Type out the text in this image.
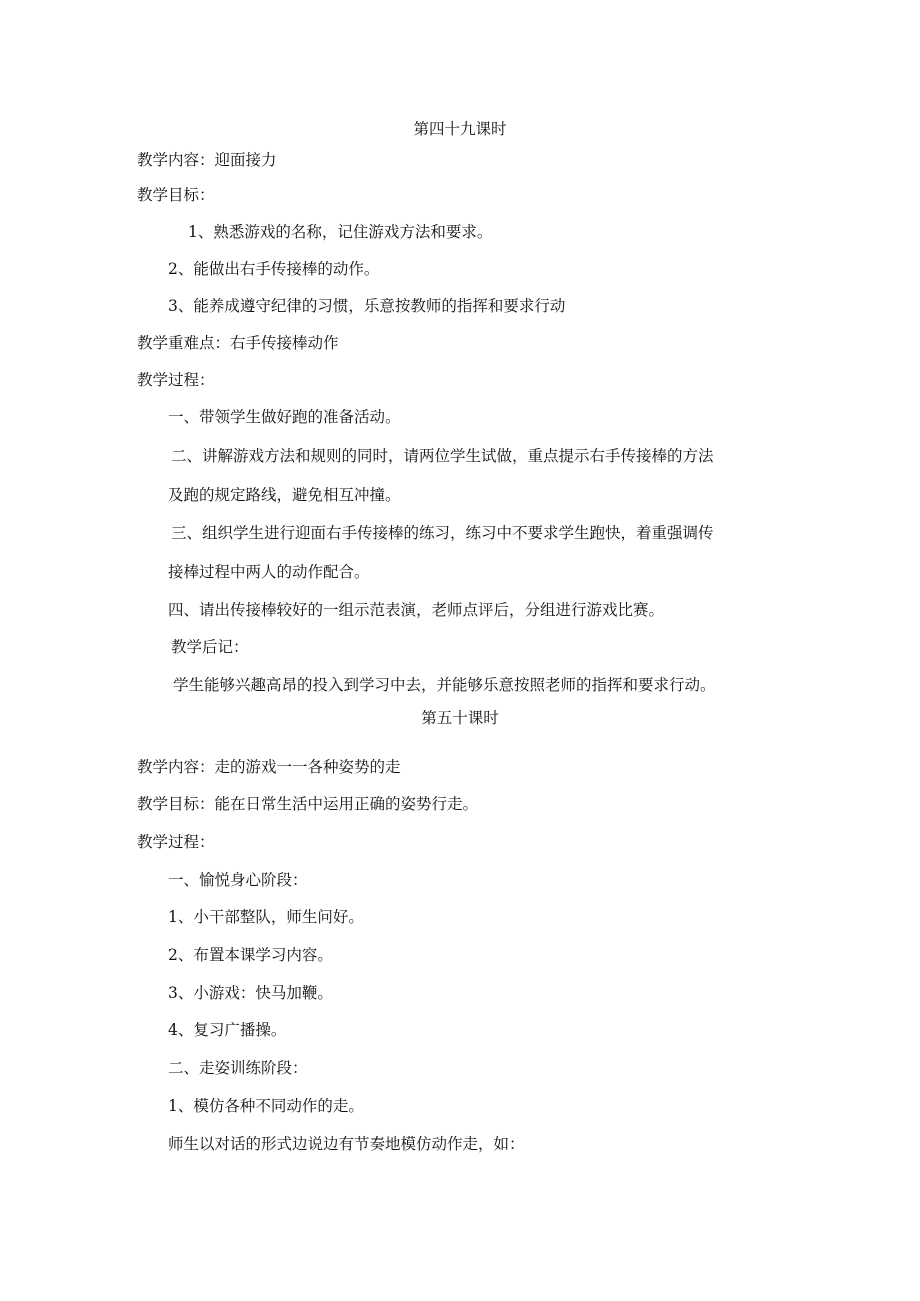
第四十九课时

教学内容：迎面接力

教学目标：

1、熟悉游戏的名称，记住游戏方法和要求。

2、能做出右手传接棒的动作。

3、能养成遵守纪律的习惯，乐意按教师的指挥和要求行动

教学重难点：右手传接棒动作

教学过程：

一、带领学生做好跑的准备活动。

二、讲解游戏方法和规则的同时，请两位学生试做，重点提示右手传接棒的方法

及跑的规定路线，避免相互冲撞。

三、组织学生进行迎面右手传接棒的练习，练习中不要求学生跑快，着重强调传

接棒过程中两人的动作配合。

四、请出传接棒较好的一组示范表演，老师点评后，分组进行游戏比赛。

教学后记：

学生能够兴趣高昂的投入到学习中去，并能够乐意按照老师的指挥和要求行动。

第五十课时

教学内容：走的游戏一一各种姿势的走

教学目标：能在日常生活中运用正确的姿势行走。

教学过程：

一、愉悦身心阶段：

1、小干部整队，师生问好。

2、布置本课学习内容。

3、小游戏：快马加鞭。

4、复习广播操。

二、走姿训练阶段：

1、模仿各种不同动作的走。

师生以对话的形式边说边有节奏地模仿动作走，如：
